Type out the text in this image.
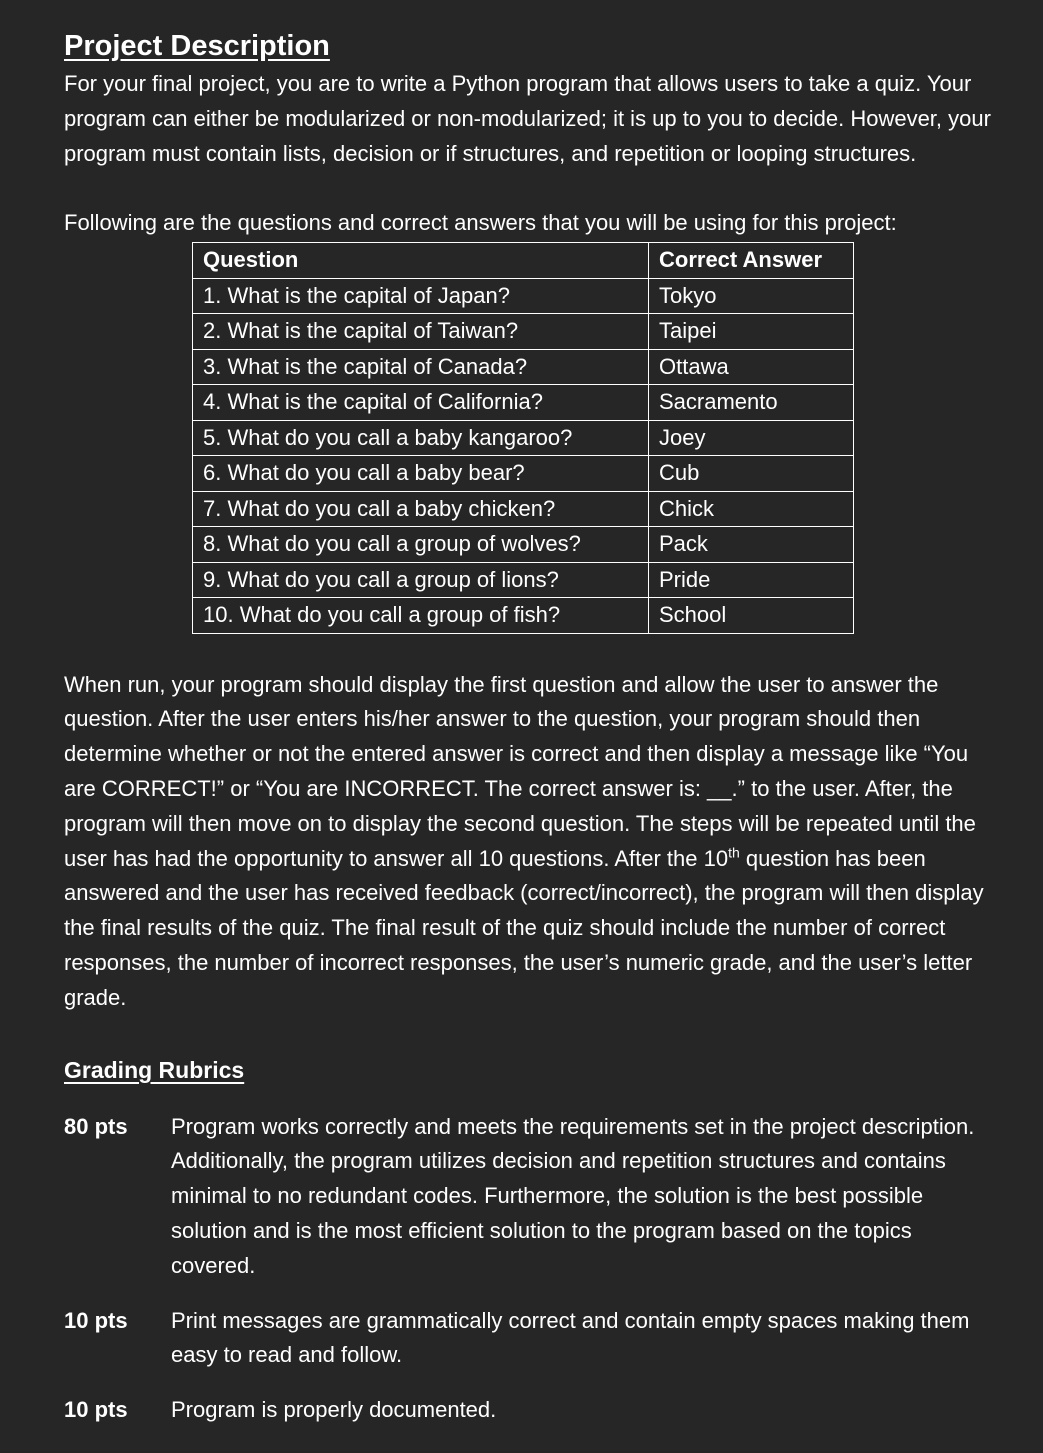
Project Description

For your final project, you are to write a Python program that allows users to take a quiz. Your program can either be modularized or non-modularized; it is up to you to decide. However, your program must contain lists, decision or if structures, and repetition or looping structures.

Following are the questions and correct answers that you will be using for this project:

Question	Correct Answer
1. What is the capital of Japan?	Tokyo
2. What is the capital of Taiwan?	Taipei
3. What is the capital of Canada?	Ottawa
4. What is the capital of California?	Sacramento
5. What do you call a baby kangaroo?	Joey
6. What do you call a baby bear?	Cub
7. What do you call a baby chicken?	Chick
8. What do you call a group of wolves?	Pack
9. What do you call a group of lions?	Pride
10. What do you call a group of fish?	School

When run, your program should display the first question and allow the user to answer the question. After the user enters his/her answer to the question, your program should then determine whether or not the entered answer is correct and then display a message like “You are CORRECT!” or “You are INCORRECT. The correct answer is: __.” to the user. After, the program will then move on to display the second question. The steps will be repeated until the user has had the opportunity to answer all 10 questions. After the 10th question has been answered and the user has received feedback (correct/incorrect), the program will then display the final results of the quiz. The final result of the quiz should include the number of correct responses, the number of incorrect responses, the user’s numeric grade, and the user’s letter grade.

Grading Rubrics
80 pts	Program works correctly and meets the requirements set in the project description. Additionally, the program utilizes decision and repetition structures and contains minimal to no redundant codes. Furthermore, the solution is the best possible solution and is the most efficient solution to the program based on the topics covered.
10 pts	Print messages are grammatically correct and contain empty spaces making them easy to read and follow.
10 pts	Program is properly documented.
